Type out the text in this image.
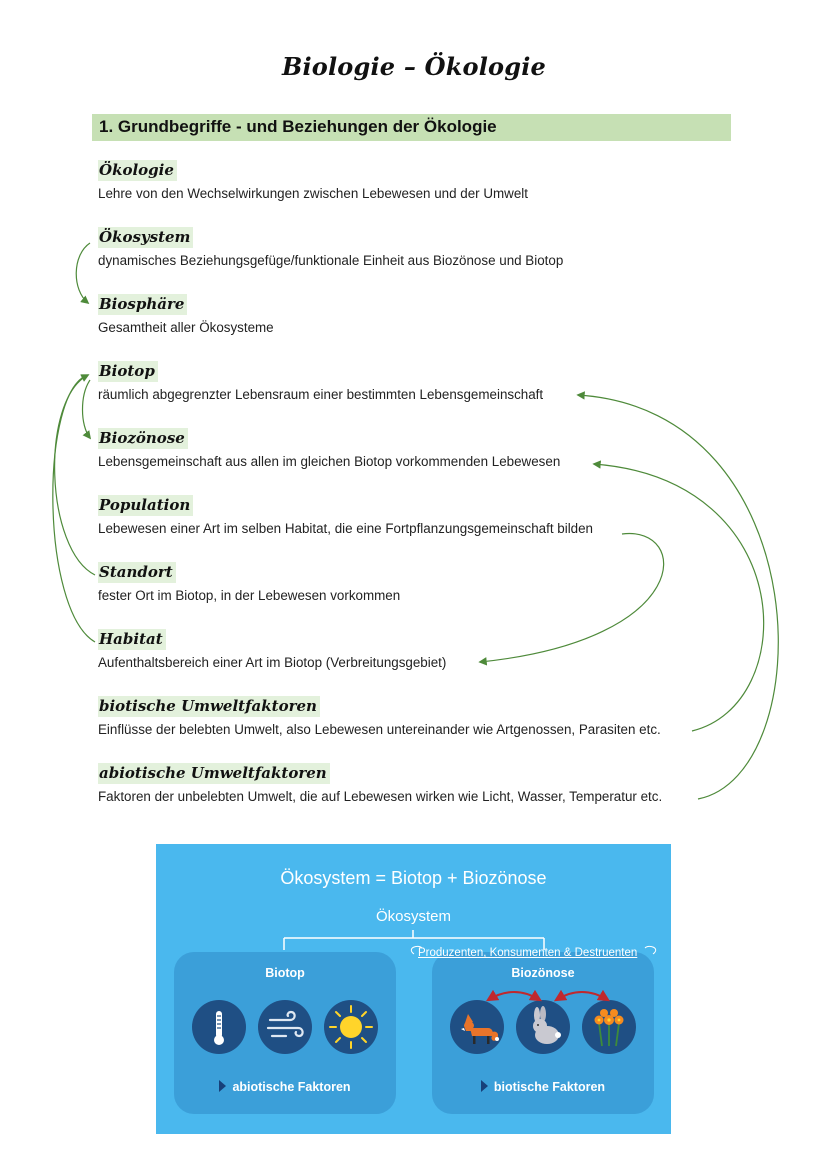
Biologie – Ökologie
1. Grundbegriffe - und Beziehungen der Ökologie
Ökologie
Lehre von den Wechselwirkungen zwischen Lebewesen und der Umwelt
Ökosystem
dynamisches Beziehungsgefüge/funktionale Einheit aus Biozönose und Biotop
Biosphäre
Gesamtheit aller Ökosysteme
Biotop
räumlich abgegrenzter Lebensraum einer bestimmten Lebensgemeinschaft
Biozönose
Lebensgemeinschaft aus allen im gleichen Biotop vorkommenden Lebewesen
Population
Lebewesen einer Art im selben Habitat, die eine Fortpflanzungsgemeinschaft bilden
Standort
fester Ort im Biotop, in der Lebewesen vorkommen
Habitat
Aufenthaltsbereich einer Art im Biotop (Verbreitungsgebiet)
biotische Umweltfaktoren
Einflüsse der belebten Umwelt, also Lebewesen untereinander wie Artgenossen, Parasiten etc.
abiotische Umweltfaktoren
Faktoren der unbelebten Umwelt, die auf Lebewesen wirken wie Licht, Wasser, Temperatur etc.
Ökosystem = Biotop + Biozönose
Ökosystem
Biotop
abiotische Faktoren
Biozönose
biotische Faktoren
Produzenten, Konsumenten & Destruenten
